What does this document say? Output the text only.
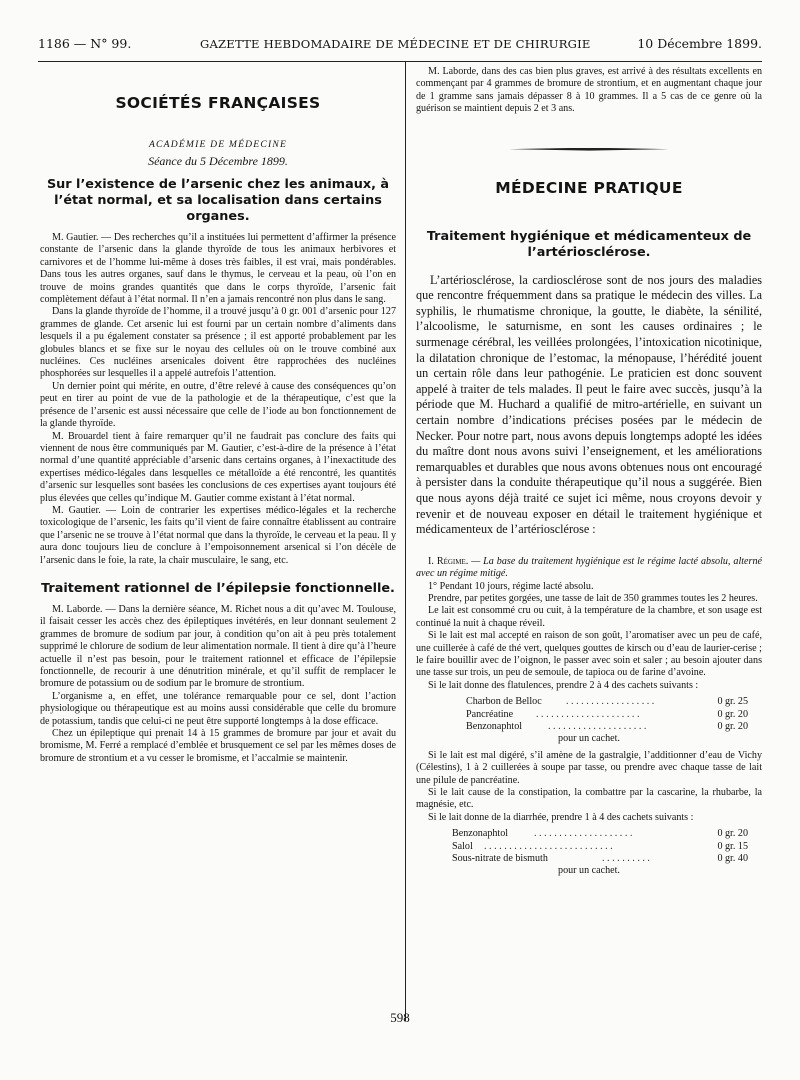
1186 — N° 99.	GAZETTE HEBDOMADAIRE DE MÉDECINE ET DE CHIRURGIE	10 Décembre 1899.
SOCIÉTÉS FRANÇAISES
ACADÉMIE DE MÉDECINE
Séance du 5 Décembre 1899.
Sur l’existence de l’arsenic chez les animaux, à l’état normal, et sa localisation dans certains organes.

M. Gautier. — Des recherches qu’il a instituées lui permettent d’affirmer la présence constante de l’arsenic dans la glande thyroïde de tous les animaux herbivores et carnivores et de l’homme lui-même à doses très faibles, il est vrai, mais pondérables. Dans tous les autres organes, sauf dans le thymus, le cerveau et la peau, où l’on en trouve de moins grandes quantités que dans le corps thyroïde, l’arsenic fait complètement défaut à l’état normal. Il n’en a jamais rencontré non plus dans le sang.

Dans la glande thyroïde de l’homme, il a trouvé jusqu’à 0 gr. 001 d’arsenic pour 127 grammes de glande. Cet arsenic lui est fourni par un certain nombre d’aliments dans lesquels il a pu également constater sa présence ; il est apporté probablement par les globules blancs et se fixe sur le noyau des cellules où on le trouve combiné aux nucléines. Ces nucléines arsenicales doivent être rapprochées des nucléines phosphorées sur lesquelles il a appelé autrefois l’attention.

Un dernier point qui mérite, en outre, d’être relevé à cause des conséquences qu’on peut en tirer au point de vue de la pathologie et de la thérapeutique, c’est que la présence de l’arsenic est aussi nécessaire que celle de l’iode au bon fonctionnement de la glande thyroïde.

M. Brouardel tient à faire remarquer qu’il ne faudrait pas conclure des faits qui viennent de nous être communiqués par M. Gautier, c’est-à-dire de la présence à l’état normal d’une quantité appréciable d’arsenic dans certains organes, à l’inexactitude des expertises médico-légales dans lesquelles ce métalloïde a été rencontré, les quantités d’arsenic sur lesquelles sont basées les conclusions de ces expertises ayant toujours été plus élevées que celles qu’indique M. Gautier comme existant à l’état normal.

M. Gautier. — Loin de contrarier les expertises médico-légales et la recherche toxicologique de l’arsenic, les faits qu’il vient de faire connaître établissent au contraire que l’arsenic ne se trouve à l’état normal que dans la thyroïde, le cerveau et la peau. Il y aura donc toujours lieu de conclure à l’empoisonnement arsenical si l’on décèle de l’arsenic dans le foie, la rate, la chair musculaire, le sang, etc.

Traitement rationnel de l’épilepsie fonctionnelle.

M. Laborde. — Dans la dernière séance, M. Richet nous a dit qu’avec M. Toulouse, il faisait cesser les accès chez des épileptiques invétérés, en leur donnant seulement 2 grammes de bromure de sodium par jour, à condition qu’on ait à peu près totalement supprimé le chlorure de sodium de leur alimentation normale. Il tient à dire qu’à l’heure actuelle il n’est pas besoin, pour le traitement rationnel et efficace de l’épilepsie fonctionnelle, de recourir à une dénutrition minérale, et qu’il suffit de remplacer le bromure de potassium ou de sodium par le bromure de strontium.

L’organisme a, en effet, une tolérance remarquable pour ce sel, dont l’action physiologique ou thérapeutique est au moins aussi considérable que celle du bromure de potassium, tandis que celui-ci ne peut être supporté longtemps à la dose efficace.

Chez un épileptique qui prenait 14 à 15 grammes de bromure par jour et avait du bromisme, M. Ferré a remplacé d’emblée et brusquement ce sel par les mêmes doses de bromure de strontium et a vu cesser le bromisme, et l’accalmie se maintenir.

M. Laborde, dans des cas bien plus graves, est arrivé à des résultats excellents en commençant par 4 grammes de bromure de strontium, et en augmentant chaque jour de 1 gramme sans jamais dépasser 8 à 10 grammes. Il a 5 cas de ce genre où la guérison se maintient depuis 2 et 3 ans.

MÉDECINE PRATIQUE
Traitement hygiénique et médicamenteux de l’artériosclérose.

L’artériosclérose, la cardiosclérose sont de nos jours des maladies que rencontre fréquemment dans sa pratique le médecin des villes. La syphilis, le rhumatisme chronique, la goutte, le diabète, la sénilité, l’alcoolisme, le saturnisme, en sont les causes ordinaires ; le surmenage cérébral, les veillées prolongées, l’intoxication nicotinique, la dilatation chronique de l’estomac, la ménopause, l’hérédité jouent un certain rôle dans leur pathogénie. Le praticien est donc souvent appelé à traiter de tels malades. Il peut le faire avec succès, jusqu’à la période que M. Huchard a qualifié de mitro-artérielle, en suivant un certain nombre d’indications précises posées par le médecin de Necker. Pour notre part, nous avons depuis longtemps adopté les idées du maître dont nous avons suivi l’enseignement, et les améliorations remarquables et durables que nous avons obtenues nous ont encouragé à persister dans la conduite thérapeutique qu’il nous a suggérée. Bien que nous ayons déjà traité ce sujet ici même, nous croyons devoir y revenir et de nouveau exposer en détail le traitement hygiénique et médicamenteux de l’artériosclérose :

I. Régime. — La base du traitement hygiénique est le régime lacté absolu, alterné avec un régime mitigé.

1° Pendant 10 jours, régime lacté absolu.

Prendre, par petites gorgées, une tasse de lait de 350 grammes toutes les 2 heures.

Le lait est consommé cru ou cuit, à la température de la chambre, et son usage est continué la nuit à chaque réveil.

Si le lait est mal accepté en raison de son goût, l’aromatiser avec un peu de café, une cuillerée à café de thé vert, quelques gouttes de kirsch ou d’eau de laurier-cerise ; le faire bouillir avec de l’oignon, le passer avec soin et saler ; au besoin ajouter dans une tasse sur trois, un peu de semoule, de tapioca ou de farine d’avoine.

Si le lait donne des flatulences, prendre 2 à 4 des cachets suivants :

Charbon de Belloc . . . . . . . . . . . . . . . . . .	0 gr. 25
Pancréatine . . . . . . . . . . . . . . . . . . . . .	0 gr. 20
Benzonaphtol	. . . . . . . . . . . . . . . . . . . .	0 gr. 20
pour un cachet.

Si le lait est mal digéré, s’il amène de la gastralgie, l’additionner d’eau de Vichy (Célestins), 1 à 2 cuillerées à soupe par tasse, ou prendre avec chaque tasse de lait une pilule de pancréatine.

Si le lait cause de la constipation, la combattre par la cascarine, la rhubarbe, la magnésie, etc.

Si le lait donne de la diarrhée, prendre 1 à 4 des cachets suivants :

Benzonaphtol	. . . . . . . . . . . . . . . . . . . .	0 gr. 20
Salol . . . . . . . . . . . . . . . . . . . . . . . . . .	0 gr. 15
Sous-nitrate de bismuth	. . . . . . . . . .	0 gr. 40
pour un cachet.
598
